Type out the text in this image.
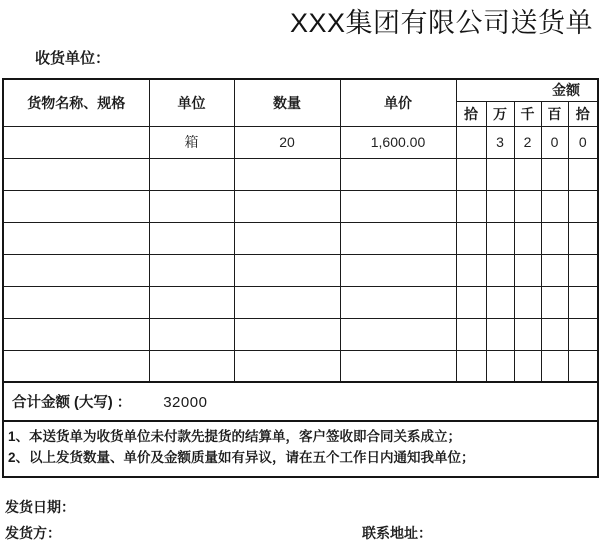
XXX集团有限公司送货单
收货单位：
货物名称、规格	单位	数量	单价	金额				
				拾	万	千	百	拾
	箱	20	1,600.00		3	2	0	0

合计金额 (大写) ： 32000								

1、本送货单为收货单位未付款先提货的结算单，客户签收即合同关系成立；
2、以上发货数量、单价及金额质量如有异议，请在五个工作日内通知我单位；								
发货日期：
发货方：	联系地址：
